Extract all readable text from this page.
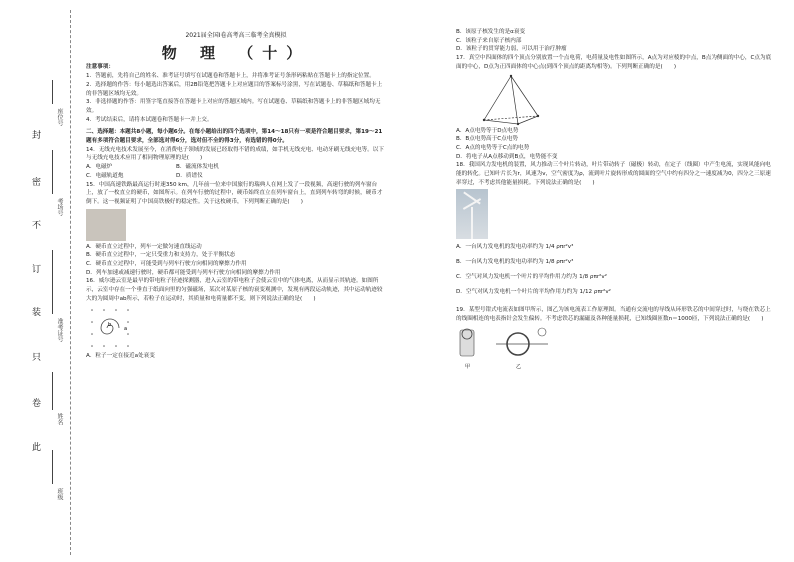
封
密
不
订
装
只
卷
此
座位号
考场号
准考证号
姓名
班级
2021届全国Ⅰ卷高考高三临考全真模拟
物 理 （十）

注意事项：

1．答题前，先将自己的姓名、准考证号填写在试题卷和答题卡上，并将准考证号条形码粘贴在答题卡上的指定位置。

2．选择题的作答：每小题选出答案后，用2B铅笔把答题卡上对应题目的答案标号涂黑，写在试题卷、草稿纸和答题卡上的非答题区域均无效。

3．非选择题的作答：用签字笔直接答在答题卡上对应的答题区域内。写在试题卷、草稿纸和答题卡上的非答题区域均无效。

4．考试结束后，请将本试题卷和答题卡一并上交。

二、选择题：本题共8小题，每小题6分。在每小题给出的四个选项中，第14～18只有一项是符合题目要求，第19～21题有多项符合题目要求，全部选对得6分，选对但不全的得3分，有选错的得0分。

14．无线充电技术发展至今，在消费电子领域的发展已经取得不错的成绩，如手机无线充电、电动牙刷无线充电等。以下与无线充电技术应用了相同物理原理的是(　　)

A．电磁炉	B．磁流体发电机
C．电磁轨道炮	D．质谱仪

15．中国高速铁路最高运行时速350 km，几年前一位来中国旅行的瑞典人在网上发了一段视频，高速行驶的列车窗台上，放了一枚直立的硬币，如图所示。在列车行驶的过程中，硬币始终直立在列车窗台上，直到列车转弯的时候，硬币才倒下。这一视频证明了中国高铁极好的稳定性。关于这枚硬币，下列判断正确的是(　　)

A．硬币直立过程中，列车一定做匀速直线运动

B．硬币直立过程中，一定只受重力和支持力，处于平衡状态

C．硬币直立过程中，可能受到与列车行驶方向相同的摩擦力作用

D．列车加速或减速行驶时，硬币都可能受到与列车行驶方向相同的摩擦力作用

16．威尔逊云室是最早的带电粒子径迹探测器，进入云室的带电粒子会使云室中的气体电离，从而显示其轨迹。如图所示，云室中存在一个垂直于纸面向里的匀强磁场，某次对某原子核的衰变观测中，发现有两段运动轨迹，其中运动轨迹较大的为圆周中ab所示，若粒子在运动时，其质量和电荷量都不变，则下列说法正确的是(　　)

a
b

A．粒子一定在接近a处衰变

B．该原子核发生的是α衰变

C．该粒子来自原子核内部

D．该粒子的贯穿能力弱，可以用于治疗肿瘤

17．真空中四面体的四个顶点分别放置一个点电荷，电荷量及电性如图所示，A点为对应棱的中点，B点为侧面的中心，C点为底面的中心，D点为正四面体的中心点(到四个顶点的距离均相等)。下列判断正确的是(　　)

A．A点电势等于D点电势

B．B点电势高于C点电势

C．A点的电势等于C点的电势

D．将电子从A点移动到B点，电势能不变

18．我国风力发电机的装置，风力推动三个叶片转动，叶片带动转子（磁极）转动，在定子（线圈）中产生电流，实现风能向电能的转化。已知叶片长为r，风速为v，空气密度为ρ，流到叶片旋转形成的圆面的空气中约有四分之一速度减为0，四分之三原速率穿过，不考虑其他能量损耗。下列说法正确的是(　　)

A．一台风力发电机的发电功率约为 1/4 ρπr²v³

B．一台风力发电机的发电功率约为 1/8 ρπr²v³

C．空气对风力发电机一个叶片的平均作用力约为 1/8 ρπr²v²

D．空气对风力发电机一个叶片的平均作用力约为 1/12 ρπr²v²

19．某型号钳式电流表如图甲所示，图乙为该电流表工作原理图。当通有交流电的导线从环形铁芯的中间穿过时，与绕在铁芯上的线圈相连的电表指针会发生偏转。不考虑铁芯的漏磁及各种能量损耗，已知线圈匝数n＝1000匝，下列说法正确的是(　　)

甲	乙
